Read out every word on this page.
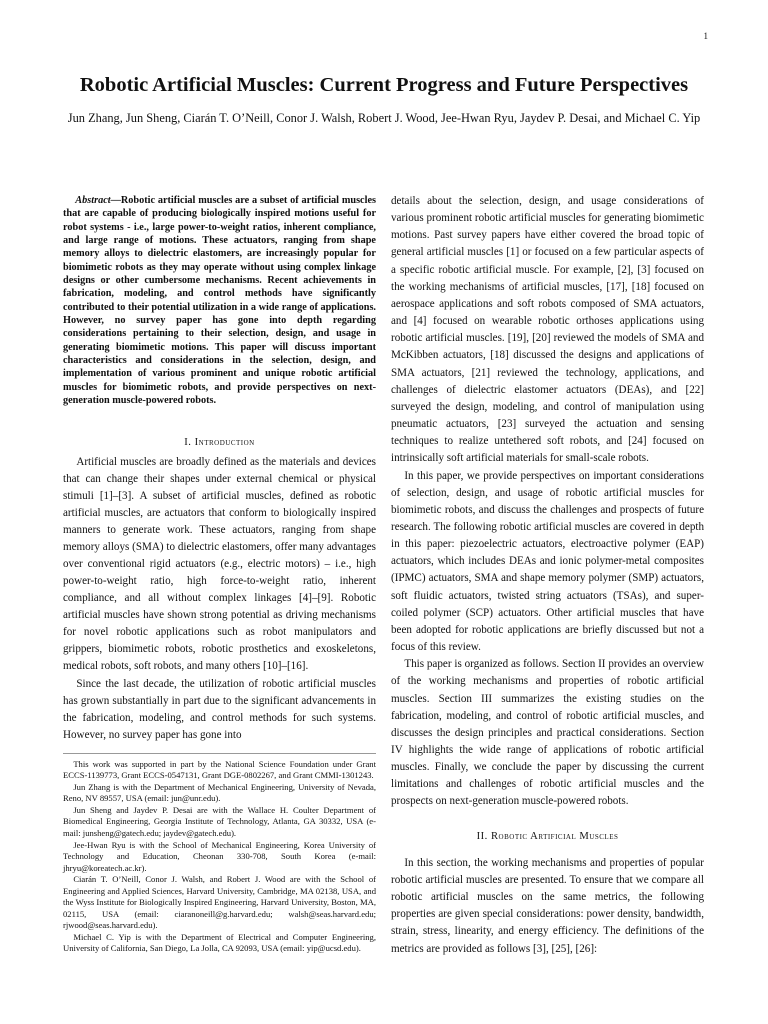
1
Robotic Artificial Muscles: Current Progress and Future Perspectives

Jun Zhang, Jun Sheng, Ciarán T. O’Neill, Conor J. Walsh, Robert J. Wood, Jee-Hwan Ryu, Jaydev P. Desai, and Michael C. Yip

Abstract—Robotic artificial muscles are a subset of artificial muscles that are capable of producing biologically inspired motions useful for robot systems - i.e., large power-to-weight ratios, inherent compliance, and large range of motions. These actuators, ranging from shape memory alloys to dielectric elastomers, are increasingly popular for biomimetic robots as they may operate without using complex linkage designs or other cumbersome mechanisms. Recent achievements in fabrication, modeling, and control methods have significantly contributed to their potential utilization in a wide range of applications. However, no survey paper has gone into depth regarding considerations pertaining to their selection, design, and usage in generating biomimetic motions. This paper will discuss important characteristics and considerations in the selection, design, and implementation of various prominent and unique robotic artificial muscles for biomimetic robots, and provide perspectives on next-generation muscle-powered robots.

I. Introduction

Artificial muscles are broadly defined as the materials and devices that can change their shapes under external chemical or physical stimuli [1]–[3]. A subset of artificial muscles, defined as robotic artificial muscles, are actuators that conform to biologically inspired manners to generate work. These actuators, ranging from shape memory alloys (SMA) to dielectric elastomers, offer many advantages over conventional rigid actuators (e.g., electric motors) – i.e., high power-to-weight ratio, high force-to-weight ratio, inherent compliance, and all without complex linkages [4]–[9]. Robotic artificial muscles have shown strong potential as driving mechanisms for novel robotic applications such as robot manipulators and grippers, biomimetic robots, robotic prosthetics and exoskeletons, medical robots, soft robots, and many others [10]–[16].

Since the last decade, the utilization of robotic artificial muscles has grown substantially in part due to the significant advancements in the fabrication, modeling, and control methods for such systems. However, no survey paper has gone into

This work was supported in part by the National Science Foundation under Grant ECCS-1139773, Grant ECCS-0547131, Grant DGE-0802267, and Grant CMMI-1301243.

Jun Zhang is with the Department of Mechanical Engineering, University of Nevada, Reno, NV 89557, USA (email: jun@unr.edu).

Jun Sheng and Jaydev P. Desai are with the Wallace H. Coulter Department of Biomedical Engineering, Georgia Institute of Technology, Atlanta, GA 30332, USA (e-mail: junsheng@gatech.edu; jaydev@gatech.edu).

Jee-Hwan Ryu is with the School of Mechanical Engineering, Korea University of Technology and Education, Cheonan 330-708, South Korea (e-mail: jhryu@koreatech.ac.kr).

Ciarán T. O’Neill, Conor J. Walsh, and Robert J. Wood are with the School of Engineering and Applied Sciences, Harvard University, Cambridge, MA 02138, USA, and the Wyss Institute for Biologically Inspired Engineering, Harvard University, Boston, MA, 02115, USA (email: ciaranoneill@g.harvard.edu; walsh@seas.harvard.edu; rjwood@seas.harvard.edu).

Michael C. Yip is with the Department of Electrical and Computer Engineering, University of California, San Diego, La Jolla, CA 92093, USA (email: yip@ucsd.edu).

details about the selection, design, and usage considerations of various prominent robotic artificial muscles for generating biomimetic motions. Past survey papers have either covered the broad topic of general artificial muscles [1] or focused on a few particular aspects of a specific robotic artificial muscle. For example, [2], [3] focused on the working mechanisms of artificial muscles, [17], [18] focused on aerospace applications and soft robots composed of SMA actuators, and [4] focused on wearable robotic orthoses applications using robotic artificial muscles. [19], [20] reviewed the models of SMA and McKibben actuators, [18] discussed the designs and applications of SMA actuators, [21] reviewed the technology, applications, and challenges of dielectric elastomer actuators (DEAs), and [22] surveyed the design, modeling, and control of manipulation using pneumatic actuators, [23] surveyed the actuation and sensing techniques to realize untethered soft robots, and [24] focused on intrinsically soft artificial materials for small-scale robots.

In this paper, we provide perspectives on important considerations of selection, design, and usage of robotic artificial muscles for biomimetic robots, and discuss the challenges and prospects of future research. The following robotic artificial muscles are covered in depth in this paper: piezoelectric actuators, electroactive polymer (EAP) actuators, which includes DEAs and ionic polymer-metal composites (IPMC) actuators, SMA and shape memory polymer (SMP) actuators, soft fluidic actuators, twisted string actuators (TSAs), and super-coiled polymer (SCP) actuators. Other artificial muscles that have been adopted for robotic applications are briefly discussed but not a focus of this review.

This paper is organized as follows. Section II provides an overview of the working mechanisms and properties of robotic artificial muscles. Section III summarizes the existing studies on the fabrication, modeling, and control of robotic artificial muscles, and discusses the design principles and practical considerations. Section IV highlights the wide range of applications of robotic artificial muscles. Finally, we conclude the paper by discussing the current limitations and challenges of robotic artificial muscles and the prospects on next-generation muscle-powered robots.

II. Robotic Artificial Muscles

In this section, the working mechanisms and properties of popular robotic artificial muscles are presented. To ensure that we compare all robotic artificial muscles on the same metrics, the following properties are given special considerations: power density, bandwidth, strain, stress, linearity, and energy efficiency. The definitions of the metrics are provided as follows [3], [25], [26]:
